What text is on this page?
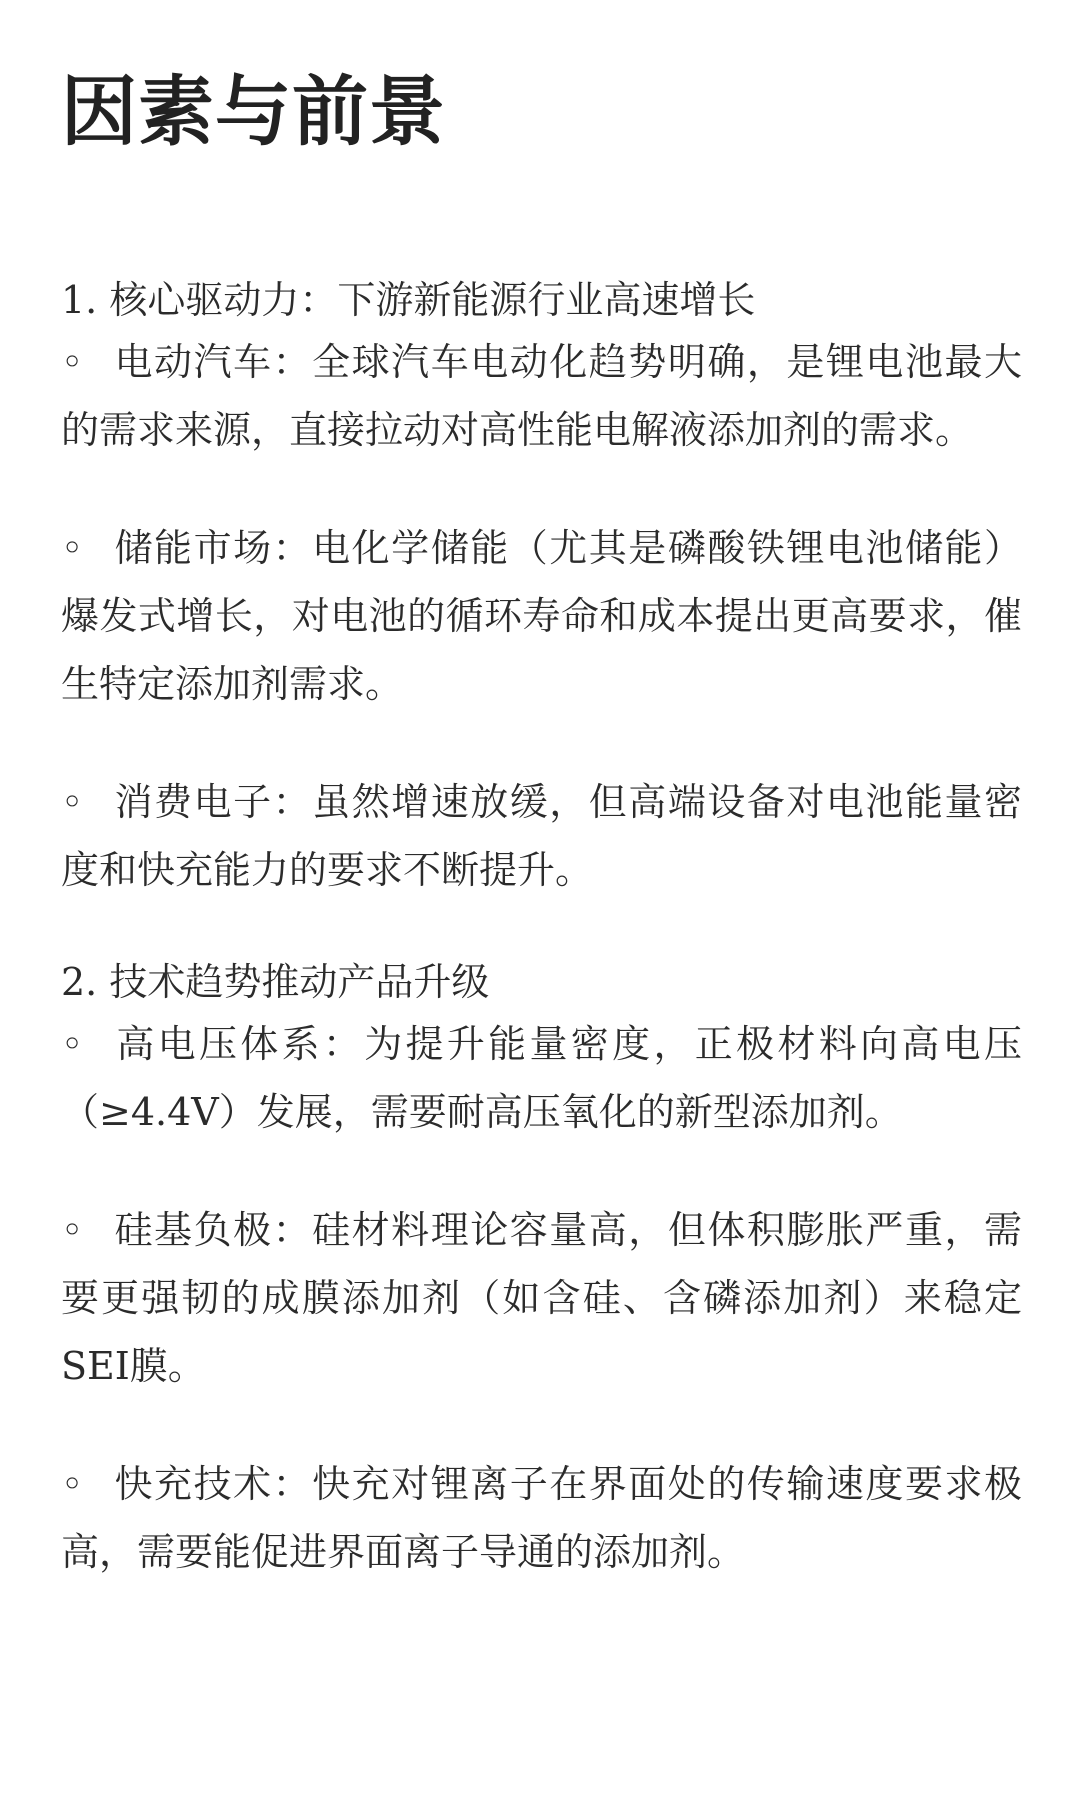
因素与前景

1. 核心驱动力：下游新能源行业高速增长

◦ 电动汽车：全球汽车电动化趋势明确，是锂电池最大的需求来源，直接拉动对高性能电解液添加剂的需求。

◦ 储能市场：电化学储能（尤其是磷酸铁锂电池储能）爆发式增长，对电池的循环寿命和成本提出更高要求，催生特定添加剂需求。

◦ 消费电子：虽然增速放缓，但高端设备对电池能量密度和快充能力的要求不断提升。

2. 技术趋势推动产品升级

◦ 高电压体系：为提升能量密度，正极材料向高电压（≥4.4V）发展，需要耐高压氧化的新型添加剂。

◦ 硅基负极：硅材料理论容量高，但体积膨胀严重，需要更强韧的成膜添加剂（如含硅、含磷添加剂）来稳定SEI膜。

◦ 快充技术：快充对锂离子在界面处的传输速度要求极高，需要能促进界面离子导通的添加剂。
